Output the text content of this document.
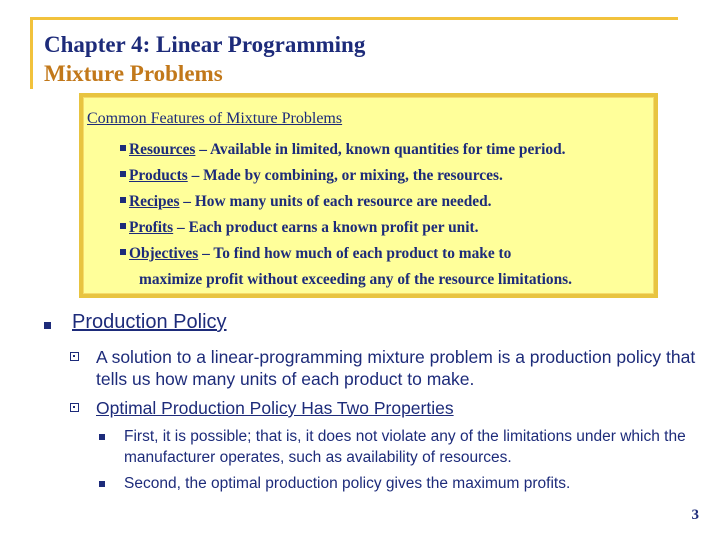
Chapter 4: Linear Programming
Mixture Problems
Common Features of Mixture Problems
Resources – Available in limited, known quantities for time period.
Products – Made by combining, or mixing, the resources.
Recipes – How many units of each resource are needed.
Profits – Each product earns a known profit per unit.
Objectives – To find how much of each product to make to
maximize profit without exceeding any of the resource limitations.
Production Policy
A solution to a linear-programming mixture problem is a production policy that tells us how many units of each product to make.
Optimal Production Policy Has Two Properties
First, it is possible; that is, it does not violate any of the limitations under which the manufacturer operates, such as availability of resources.
Second, the optimal production policy gives the maximum profits.
3
